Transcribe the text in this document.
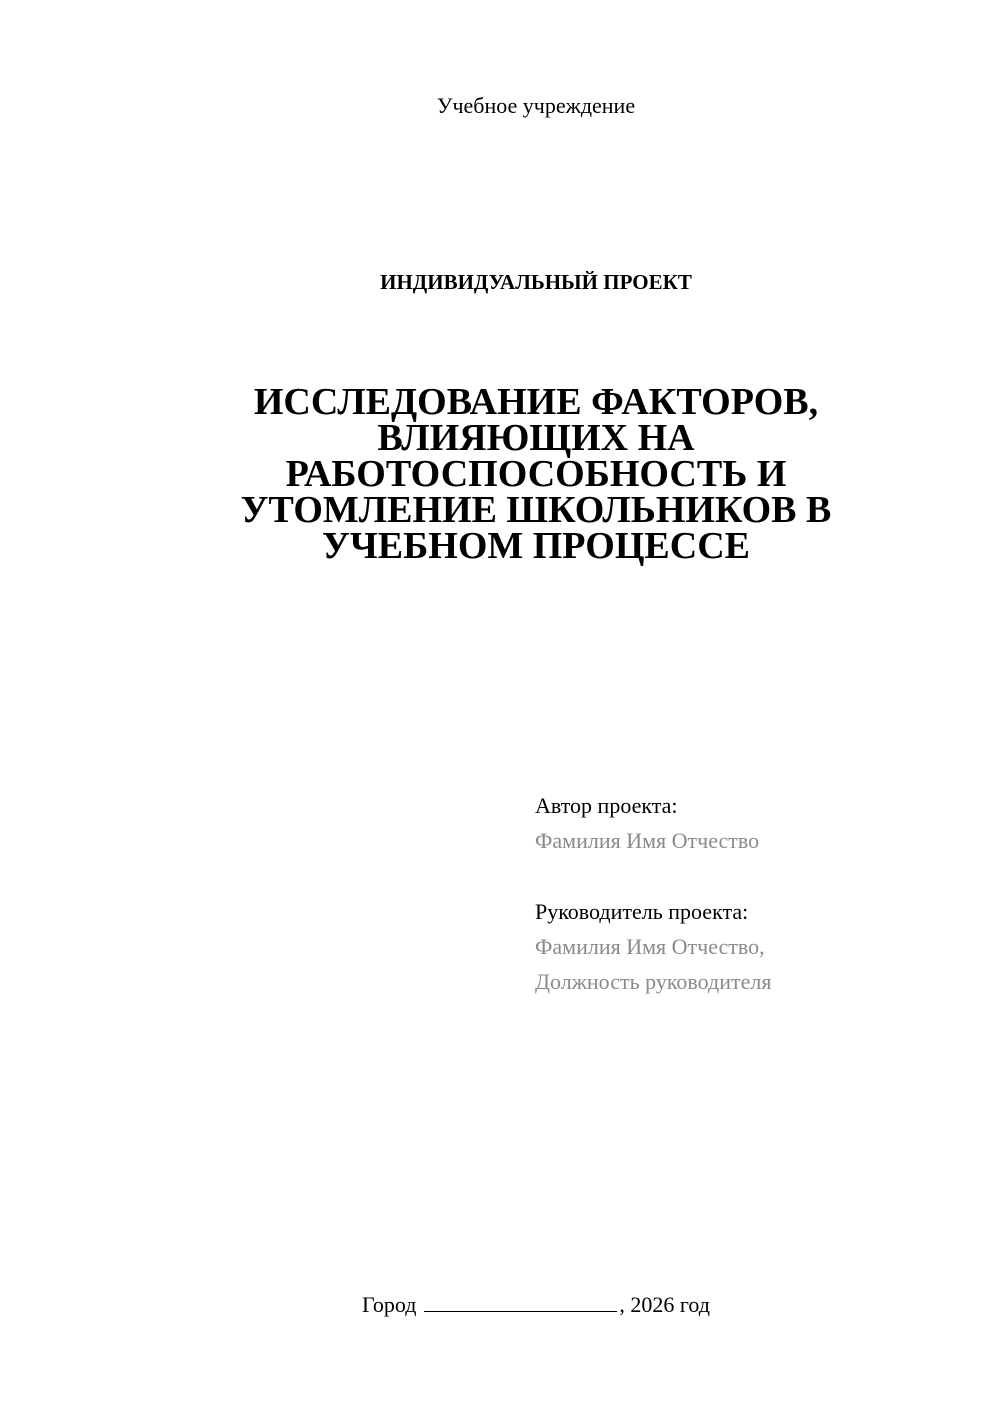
Учебное учреждение
ИНДИВИДУАЛЬНЫЙ ПРОЕКТ
ИССЛЕДОВАНИЕ ФАКТОРОВ,
ВЛИЯЮЩИХ НА
РАБОТОСПОСОБНОСТЬ И
УТОМЛЕНИЕ ШКОЛЬНИКОВ В
УЧЕБНОМ ПРОЦЕССЕ
Автор проекта:
Фамилия Имя Отчество
Руководитель проекта:
Фамилия Имя Отчество,
Должность руководителя
Город	, 2026 год
